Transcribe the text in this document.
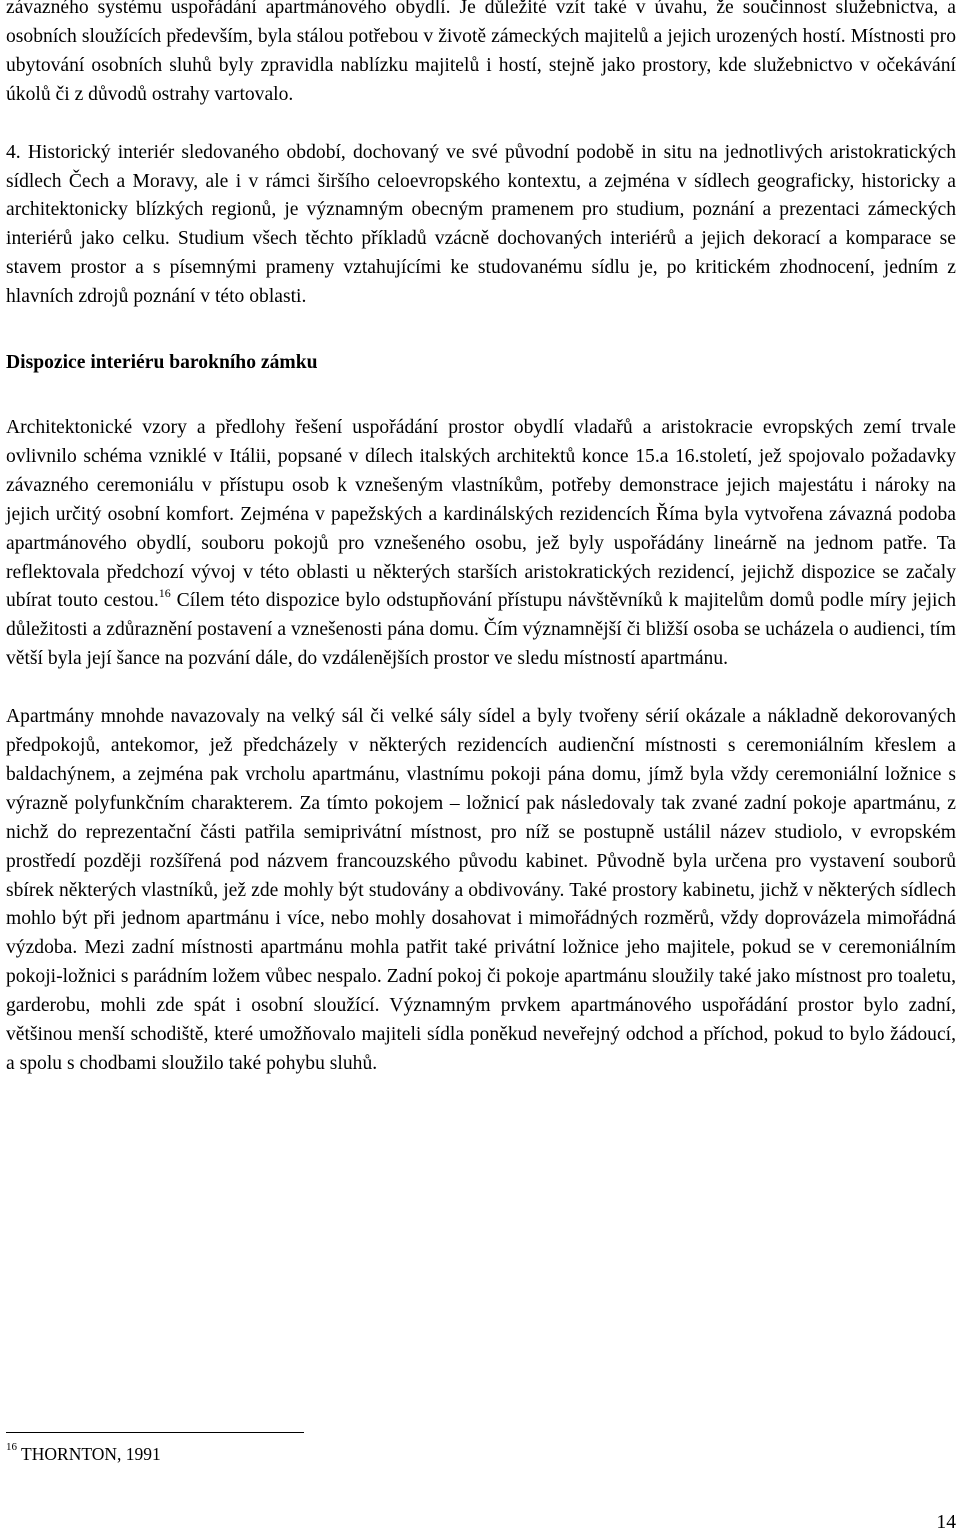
závazného systému uspořádání apartmánového obydlí. Je důležité vzít také v úvahu, že součinnost služebnictva, a osobních sloužících především, byla stálou potřebou v životě zámeckých majitelů a jejich urozených hostí. Místnosti pro ubytování osobních sluhů byly zpravidla nablízku majitelů i hostí, stejně jako prostory, kde služebnictvo v očekávání úkolů či z důvodů ostrahy vartovalo.

4. Historický interiér sledovaného období, dochovaný ve své původní podobě in situ na jednotlivých aristokratických sídlech Čech a Moravy, ale i v rámci širšího celoevropského kontextu, a zejména v sídlech geograficky, historicky a architektonicky blízkých regionů, je významným obecným pramenem pro studium, poznání a prezentaci zámeckých interiérů jako celku. Studium všech těchto příkladů vzácně dochovaných interiérů a jejich dekorací a komparace se stavem prostor a s písemnými prameny vztahujícími ke studovanému sídlu je, po kritickém zhodnocení, jedním z hlavních zdrojů poznání v této oblasti.

Dispozice interiéru barokního zámku

Architektonické vzory a předlohy řešení uspořádání prostor obydlí vladařů a aristokracie evropských zemí trvale ovlivnilo schéma vzniklé v Itálii, popsané v dílech italských architektů konce 15.a 16.století, jež spojovalo požadavky závazného ceremoniálu v přístupu osob k vznešeným vlastníkům, potřeby demonstrace jejich majestátu i nároky na jejich určitý osobní komfort. Zejména v papežských a kardinálských rezidencích Říma byla vytvořena závazná podoba apartmánového obydlí, souboru pokojů pro vznešeného osobu, jež byly uspořádány lineárně na jednom patře. Ta reflektovala předchozí vývoj v této oblasti u některých starších aristokratických rezidencí, jejichž dispozice se začaly ubírat touto cestou.$^{16}$ Cílem této dispozice bylo odstupňování přístupu návštěvníků k majitelům domů podle míry jejich důležitosti a zdůraznění postavení a vznešenosti pána domu. Čím významnější či bližší osoba se ucházela o audienci, tím větší byla její šance na pozvání dále, do vzdálenějších prostor ve sledu místností apartmánu.

Apartmány mnohde navazovaly na velký sál či velké sály sídel a byly tvořeny sérií okázale a nákladně dekorovaných předpokojů, antekomor, jež předcházely v některých rezidencích audienční místnosti s ceremoniálním křeslem a baldachýnem, a zejména pak vrcholu apartmánu, vlastnímu pokoji pána domu, jímž byla vždy ceremoniální ložnice s výrazně polyfunkčním charakterem. Za tímto pokojem – ložnicí pak následovaly tak zvané zadní pokoje apartmánu, z nichž do reprezentační části patřila semiprivátní místnost, pro níž se postupně ustálil název studiolo, v evropském prostředí později rozšířená pod názvem francouzského původu kabinet. Původně byla určena pro vystavení souborů sbírek některých vlastníků, jež zde mohly být studovány a obdivovány. Také prostory kabinetu, jichž v některých sídlech mohlo být při jednom apartmánu i více, nebo mohly dosahovat i mimořádných rozměrů, vždy doprovázela mimořádná výzdoba. Mezi zadní místnosti apartmánu mohla patřit také privátní ložnice jeho majitele, pokud se v ceremoniálním pokoji-ložnici s parádním ložem vůbec nespalo. Zadní pokoj či pokoje apartmánu sloužily také jako místnost pro toaletu, garderobu, mohli zde spát i osobní sloužící. Významným prvkem apartmánového uspořádání prostor bylo zadní, většinou menší schodiště, které umožňovalo majiteli sídla poněkud neveřejný odchod a příchod, pokud to bylo žádoucí, a spolu s chodbami sloužilo také pohybu sluhů.

$^{16}$ THORNTON, 1991
14
